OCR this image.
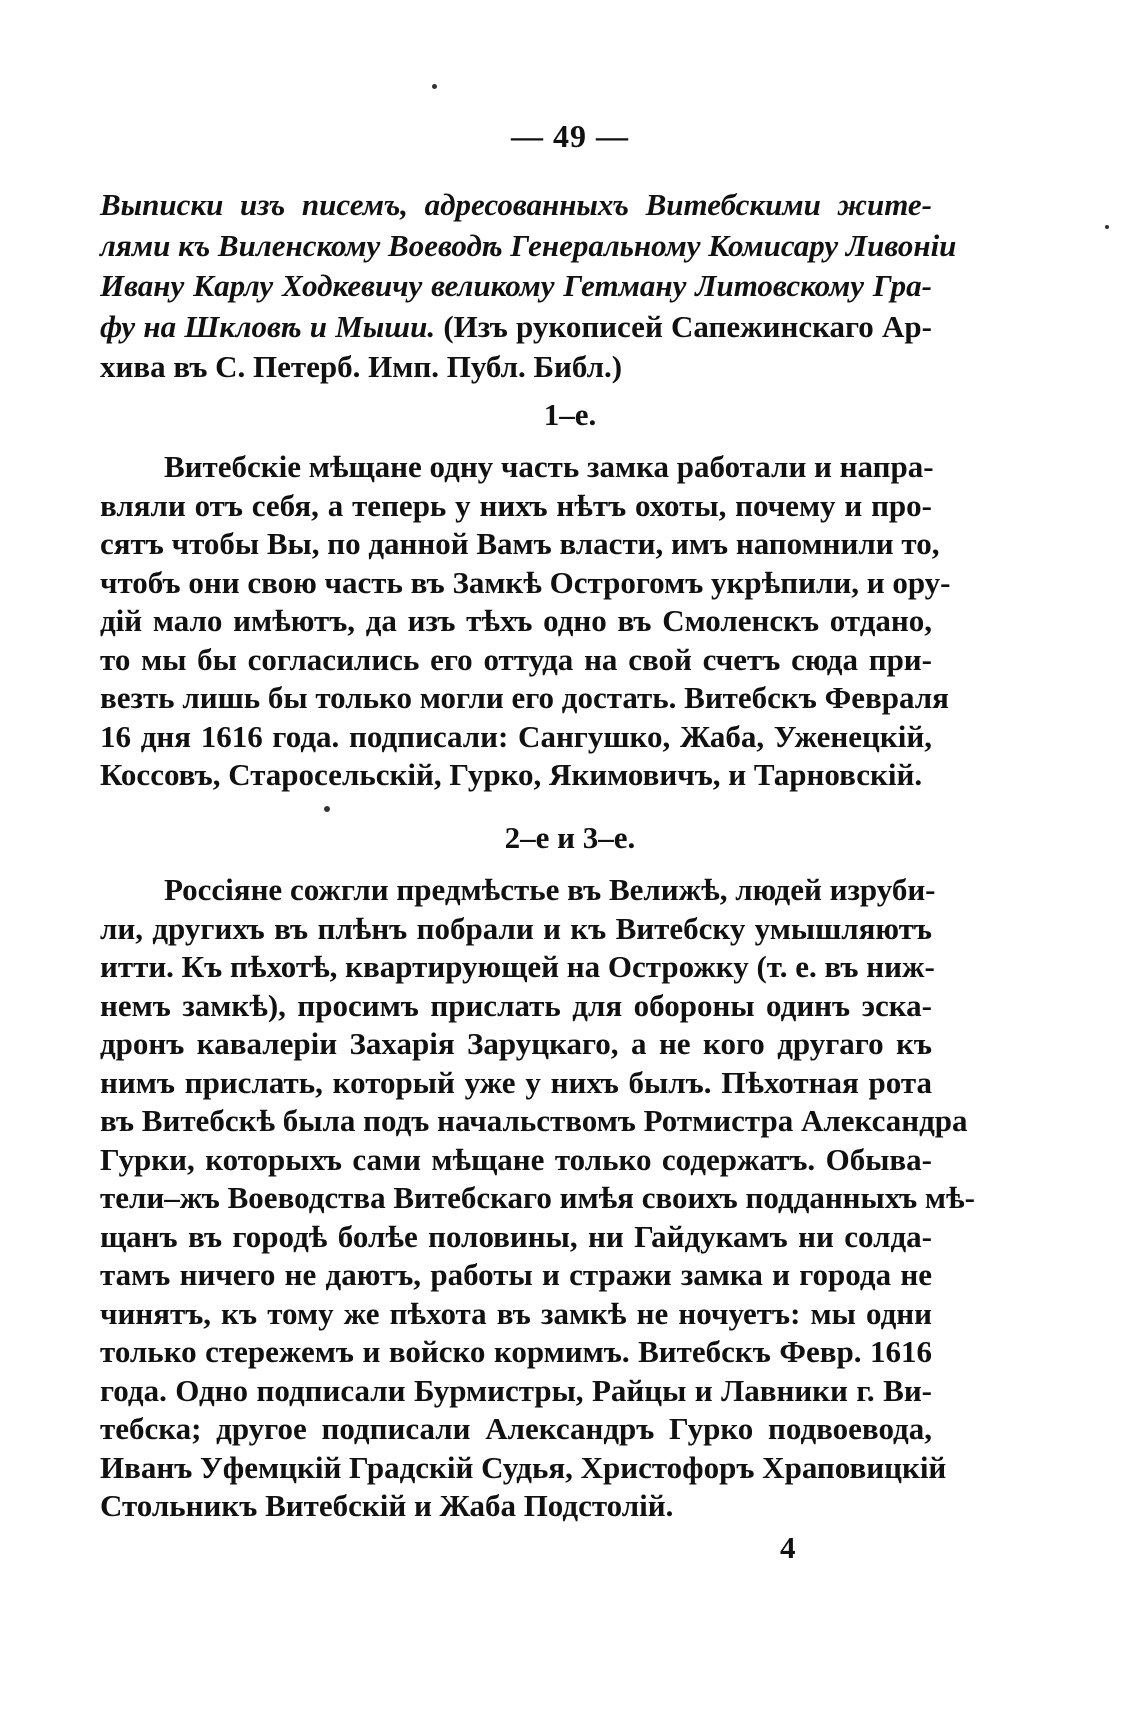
— 49 —
Выписки изъ писемъ, адресованныхъ Витебскими жите-
лями къ Виленскому Воеводѣ Генеральному Комисару Ливоніи
Ивану Карлу Ходкевичу великому Гетману Литовскому Гра-
фу на Шкловѣ и Мыши. (Изъ рукописей Сапежинскаго Ар-
хива въ С. Петерб. Имп. Публ. Библ.)
1–е.
Витебскіе мѣщане одну часть замка работали и напра-
вляли отъ себя, а теперь у нихъ нѣтъ охоты, почему и про-
сятъ чтобы Вы, по данной Вамъ власти, имъ напомнили то,
чтобъ они свою часть въ Замкѣ Острогомъ укрѣпили, и ору-
дій мало имѣютъ, да изъ тѣхъ одно въ Смоленскъ отдано,
то мы бы согласились его оттуда на свой счетъ сюда при-
везть лишь бы только могли его достать. Витебскъ Февраля
16 дня 1616 года. подписали: Сангушко, Жаба, Уженецкій,
Коссовъ, Старосельскій, Гурко, Якимовичъ, и Тарновскій.
2–е и 3–е.
Россіяне сожгли предмѣстье въ Велижѣ, людей изруби-
ли, другихъ въ плѣнъ побрали и къ Витебску умышляютъ
итти. Къ пѣхотѣ, квартирующей на Острожку (т. е. въ ниж-
немъ замкѣ), просимъ прислать для обороны одинъ эска-
дронъ кавалеріи Захарія Заруцкаго, а не кого другаго къ
нимъ прислать, который уже у нихъ былъ. Пѣхотная рота
въ Витебскѣ была подъ начальствомъ Ротмистра Александра
Гурки, которыхъ сами мѣщане только содержатъ. Обыва-
тели–жъ Воеводства Витебскаго имѣя своихъ подданныхъ мѣ-
щанъ въ городѣ болѣе половины, ни Гайдукамъ ни солда-
тамъ ничего не даютъ, работы и стражи замка и города не
чинятъ, къ тому же пѣхота въ замкѣ не ночуетъ: мы одни
только стережемъ и войско кормимъ. Витебскъ Февр. 1616
года. Одно подписали Бурмистры, Райцы и Лавники г. Ви-
тебска; другое подписали Александръ Гурко подвоевода,
Иванъ Уфемцкій Градскій Судья, Христофоръ Храповицкій
Стольникъ Витебскій и Жаба Подстолій.
4
